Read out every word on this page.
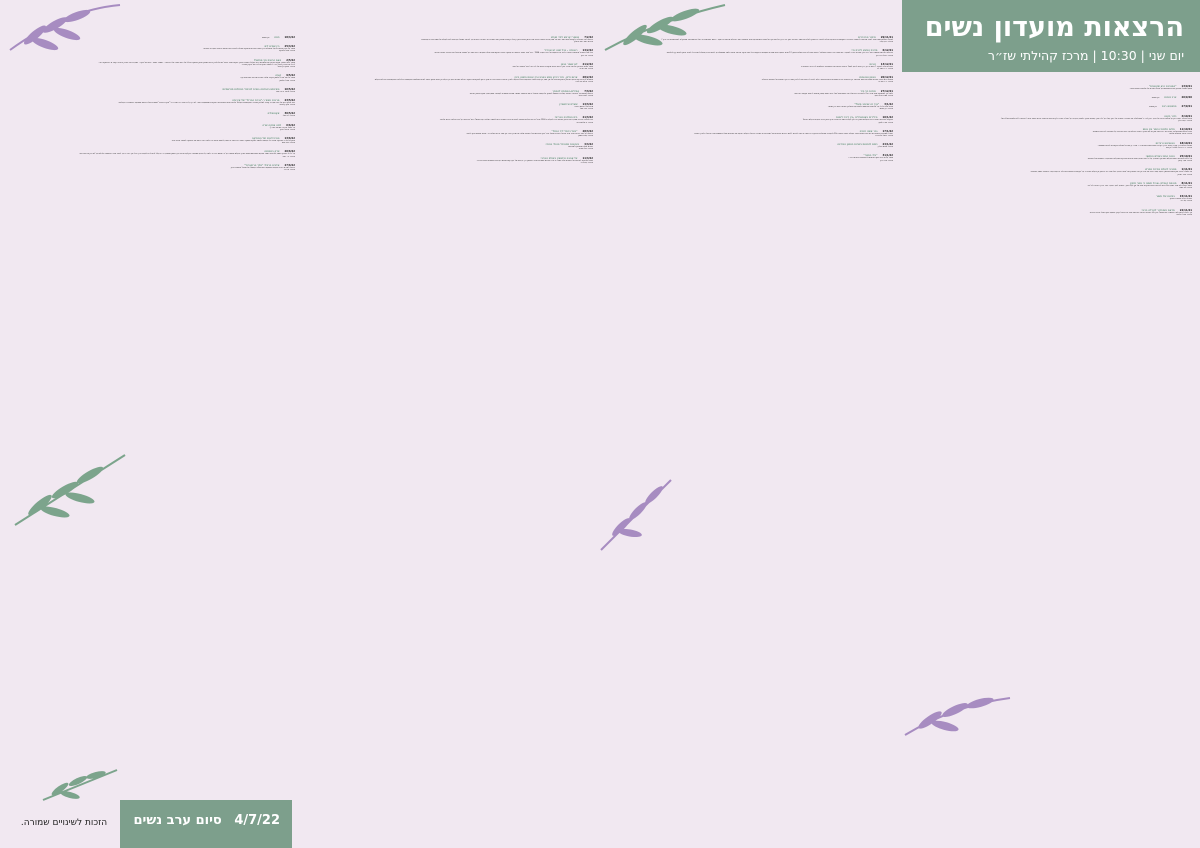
הרצאות מועדון נשים
יום שני | 10:30 | מרכז קהילתי שז״ר
13/9/21"המנגינה היא שקועבת"
מופע נוסטלגי מצחיק ומרגש שמבוסס על מיטב השירים של שלישיית הגשש החיוור.
20/9/20ערב סוכותאין מפגש.
27/9/21הושענא רבהאין מפגש.
4/10/21כדור בקנה
עדות המדינה רעות רובין על פרשת הרצח של הנער רענן לוי ז״ל ששטלטלה את המדינה. סיפורה של רובין עולה על כל דימיון. עוצמתי ונעקר לשמוע הערהה על תהליכי בחירה לקיחת אחריות ושינוי בחיים- סיפור אישי. (הכניסה ללא טלפונים סלולריים).
מרצה: רעות רובין
11/10/21חלום חלמתי ופותר אין אותו
חידת החלום בפסיכולוגיה המודרנית. ההרצאה סוקרת את מחקרי השינה והחלום עד ימינו ומרחיבה על חשיבותה לבריאות הנפשית.
מרצה: פרופ׳ אבשלום אליצור
18/10/21האוטיסט ורעייתו
יסודות הזוגיות דרך מקרה מיוחד בדרך הקרית והומוריסטית מתיחס ד״ר מורדי בן חמו אל שאלות הקשורות לזוגיות ומשפחה.
מרצה: ד״ר מרדכי (מורדי) בן חמו
25/10/21הכוח הנשי בעולם החשאי
על יכולות וייחודיות הנשים בעולם המודיעין המבצעי, על כל גווניו ומדוע נשים יתרונות מובהקים בפעילות המבצעית - מיתוסים מול מציאות.
מרצה: סער קדמן
1/11/21מסביב לעולם בסירת מפרש
שני הפלגה הזוגה אוקיינוסים שבמשך כמעט עשור הציגו את טניה וגן זוגה במאבק מול איתני הטבע, מול שודדי ים, בניתוק מן העולם המודרני. על הקשיים וההתמודדויות לצד הרגעים עוצרי הנשימה במסע המאתגר.
מרצה: טניה רמניק
8/11/21חוכמת קוהלת -אכול ושתה כי מחר תזקין
הספר קוהלת לא שאר כמעט ולא נכנס לתרבות החיים מנקודת מבט של זקן בעל ניסיון , המציע לנער הצעיר -מהי הדרך הנכונה לכל בה.
מרצה: יוסי ניסוזי
15/11/21בסיומו של עשור
האביב הערבי והמזרח התיכון.
מרצה: עוזי רבי
22/11/21מדאם פומפדור לקרלה ברוני
איך נכנלה צרפת לפני המהפכה הצרפתית? ואיך נולד מטבח הגורמה הצרפתי שיצר את הגובל קויזין, תופעת השף כסלב וכוכבו חרבות.
מרצה: אורלי אלדובי
29/11/21סיפור הפרברים
למעלה משלוש מאות שנה לאחר שהוצגה לראשונה הטרגדיה השקספירית הנודעת מחליט לאונרד ברנשטיין לשלב את סיפור האהבה בתוך חיי הכרך של אמריקה של שנות החמישים עם אחד מתחזות הזמר הגדולים שנכתבו אי פעם . היחום המאימים זה החל כפראפראזה מוסיקלית לאנטישמיות בניו יורק ?
מרצה: רועי עלוני
6/12/21מזירת הפשע לזירת חיי
בהרצאה מרגשת חושפת רויטל נריה כהן, שוטרת בכירה לשעבר, את סיפור חייה האישי המטלטל. כאישה שניהלה חיים כפולים במשך 12 שנים. בשעות היום שוטרת מועצמת ברמקפת ככל אשה חזקה ובביתה אישה חלשה ומושפלת עד לאותו אירוע מטלטל שגרם לה לאזור אומץ ולשים קץ לאלימות.
מרצה: רויטל נריה כהן
13/12/21זוגיות
האם יש סיכוי לאהבה ? האם יש רק דרך אחת להגיע לשם? הרצאה בוחנת את המונוגמיה והחלופות לה בראי ההיסטוריה
מרצה: ד״ר משה לוי
20/12/21האמן ואהובתו
אמנים רבים תיארו בצורות שונות את נושא אהבתם. בין האהובות היו גם נשותיהם והאהובותיהם. נלמד להבדיל ביניהם ונוכל להבין ממה היו בין האישיים של האמנים הגדולים.
מרצה: ד״ר אפי זיו
27/12/21סודות כף היד
נלמד איך באמצעות מבט מהיר נוכל לזהות מי ניצב מולנו מה הפוטנציאל שלו, איזה תחום עיסוק מתאים לו ואיזו תקופה הוא חווה.
מרצה: אפרת הילה סעד
3/1/22"איך זה שכוכב מעז?"
שיחה פלב אל לב על אירוטיזם והגשמת חלומות עם המלחין, מחזאי, במאי ירון כפכפי.
מרצה: ירון כפכפי
10/1/22הילידים באוסטרליה -בין דיכוי לזהות
בעקבות התרבות האבוריג׳נית הנעלמת.מאיגן חי הלוך ועלם ביבשת הדרומית. פרק מכונן בדיכוי וגזענות בעולם החדש?
מרצה: זאב רילסקי
17/1/22גבר אשה רוסיה
רוסיה, ששינויים ההיסטוריים הם מהדרמטיים ביותר בעולם, הפכה במאה ה20 למעבדה סוציולגית מרתקת. בהרצאה זו ננסה להכנס ללבם, בחירם וסיכוייהם של נשים וגברים במדינה הגדולה בעולם. ונוגעת את השינויים שחלו בתפיסות מגדריות אלה לאורך השנים.
מרצה: דניאל גולדנברג
24/1/22נשים לוחמות בשרות בטחון המדינה
מרצה: מנחם טילדין
31/1/22"עלי בתמר"
סיפור עליית יהודי תימן ותרומתם להתיישבות החדשה בא״י.
מרצה: מירה כהן
7/2/22מנטורי קרטא לחיי חופש
הרצאה זוגה במהלכה לוקחים אותנו תמר וצחי אל מסע מרגש -סיפור חייהם יוצא הדופן מחיים בתוך קהילה קיצונית ומאבק תסר פשרות נגד המדינה הציונית ועד ליציאה בשאלה עם שש ילדים לעולם של חופש בחירה ועצמאות.
מרצים: תמר וצחי צייטלין
14/2/22רואנדה - בכל שנה יש אפריל
בכל שנה באפריל מתכנסת רואנדה לזכור את הזוועות של רצח העם ב 1994 . בכל שנה השאר הנושא היא עסוקה בבנייה שיקום ופיוס ואלה נשענים הרבה מאוד על נשותיה שהובילו את המדינה המוכה מחדש.
מרצה: זהר בגון
21/2/22לא שומר בבטן
סיפור האישי המרתק של אודי פרבר ואיך נראים החיים מנקודת המבט של ילד הגדל בצל המשבר של אמו.
מרצה: אודי פרבר
28/2/22אדום ולבן, ורוד וירוק מסע בטבע ובין עונות השנה ביפן
מוזמנים להיכרות עם הטבע המרתק והאיקונוגרפיה של יפן. מסע בין עונות השנה הצבועות בשלל צבעים, לאורך שרשרת האיים ההררית שבין ים יפן לאוקיאנוס השקט. נטולת אוצרות טבע אך בעלת הון אנושי שהפך אותה לאחת משלושת המעצמות הכלכליות והתעשייתיות הגדולות בעולם.
מרצה: איילת איידלברג
7/3/22המילים-המפתח להפחך
הרצאה סוחפת על הכתיבה -תרפיה עולם בו המפתח להפחך ולהעצמה מתחיל בראש וראשונה בסיפור שאנחנו מספרים לעצמנו. מופע סוער סוחף מצחיק ומרגש.
מרצה: ליאת רוטנר
14/3/22שאלת איינשטיין
פרסי נובל והגנום היהודי.
מרצה: נארי פאל
21/3/22בית המלוכה הבריטי
בית המלוכה הבריטי מסעיר את הדמיון האנושי כבר למעלה מ 1200 שנה! מי הם המלכים שהפכו לגיבורים וכיצד השתנה היחס למוסד המלוכה עם השנים? הכול בהרצאה על בית המלוכה בדגש מלכות.
מרצה: זיו אלכסנדרוני
28/3/22"בצל כרמל ליד הנחל"
הרצאה על מנור יצירתו אהוד מנור מגדולי היוצרים שנולד וגדל בנוף הארצישראלי וכתיבתו מלווה את פרקי חיינו. נוף אשר יצירתו מלאה בו - מביתו מושבתו ונוף ילדותו.
מרצה: עננת הופמן
4/4/22בעקבות פסטיבל ההולי בהודו
כוכבים מזלות מיסטיקה ומציאות.
מרצה: יואל שתרוג
11/4/22על אהבה ונישואין בעולם הערבי
הצצה מרתקת לתרבות של השכנים שלנו במזה״ת נכיר מנהגים ומסורות סביב הנישואין דרך עיניהם של הקריקטוריסטים הערבים הנשואות וחווית בם יחד.
מרצה: עידית בר
18/4/22פסחאין מפגש
25/4/22בין שמים לים
סיפור על אבדן והתגברות על מכשולים דרך סיפור אישי מהתרסקות טוטלית לבניית חיים חדשים הרצאה מעוררת השראה
מרצה: מיטל איטקיס
2/5/22האם הרוצח חף מפשע?
סיפור בלשי אמיתי, מותח ומרתק עם טוויסטים רבים בעלילה מזווית החוקר מקפד מוצב בגבול ישראל-לבנון נרצח מפיצוץ מטען בשיטוף הגלגל של הגיש הסיור שלו הרצאה... ומסוגר בספר ״יומנו של חוקר״ במערכת ואי הצדק הנוראי בקשר ש״המבוקש הזה״
לרגל יום הזיכרון לחללי צה״ל הסיפור מוקדש לזכרו של הקצין שנהרג.
מרצה: צביקה קרוכמל
9/5/22קובה
סיפור חייו של אורלי סלומון בקובה מלווה בשירים מדרום יבשת אמריקה.
מרצה: אורלי סלומון
16/5/22השימוש בהנדסה גנטית לטיפול במחלות תורשתיות
מרצה: פרופ׳ ידידיה גפני
23/5/22מרגרט תאצ׳ר-"גברת הברזל" של אירופה
כיצד מגיעה בתו של חנוני מעיירה קטנה לשלטון במדינה המעצמתית בעולם? ולהיות אחת מהמנהיגות החזקות והמשפיעות ביותר, לא רק על בריטניה, בה שברה כל "תקרת זכוכית "אפשרית אלא כדמות משפיעה בהיסטוריה העולמית.
מרצה: אלון קליבנוב
30/5/22אקטואליה
מרצה: יריב פלד
6/6/22למה צחקה שרה
על הומור אירוניה ושנינות בתנ״ך.
מרצה: אריאל הכהן
13/6/22הנוירולוגיה של המוזיקה
מחקרים גלו כי המוזיקה מהווה כלי עוצמתי לשיפור ושיקום תפקודי המוח. בהרצאה זו נתוודע לתחום חדשני זה ונלמד כיצד נרתום את המוזיקה לשיפור איכות חיינו.
מרצה: יואב יוכפז
20/6/22צדק במבחנה
על דנ״א, גנטיקה ופשע בהרצאה נספר שבעים תחום מפורסמים בארץ ובעולם שנפתרו על ידי שימוש בדנ״א, נלמד על המדע שמאחורי הקלעים ונראה איך באופן מפתיע, דנ״א עלול להוביל גם לעיוות הדין. נגלה איך הדנ״א עד להציג אחרי המחשבה ולבלוש על לא נכון את בוא הצד.
מרצה: דר׳ זאבי
27/6/22אלביס פרסלי "מלך הרוקנרול"
החיים, השירים ההרס העצמי והשפעתו התרבותית העצומה של מחולל מהפכת הרוק
מרצה: ארז בר
4/7/22 סיום ערב נשים
הזכות לשינויים שמורה.
